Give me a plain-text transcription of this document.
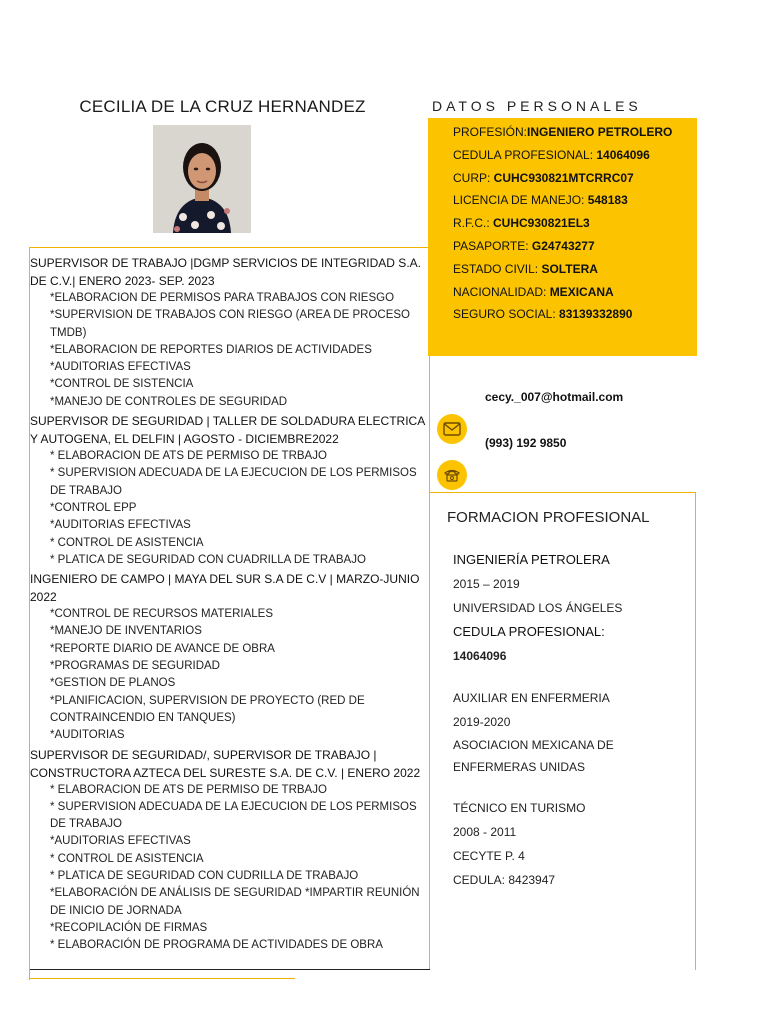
CECILIA DE LA CRUZ HERNANDEZ
SUPERVISOR DE TRABAJO |DGMP SERVICIOS DE INTEGRIDAD S.A. DE C.V.| ENERO 2023- SEP. 2023

*ELABORACION DE PERMISOS PARA TRABAJOS CON RIESGO

*SUPERVISION DE TRABAJOS CON RIESGO (AREA DE PROCESO TMDB)

*ELABORACION DE REPORTES DIARIOS DE ACTIVIDADES

*AUDITORIAS EFECTIVAS

*CONTROL DE SISTENCIA

*MANEJO DE CONTROLES DE SEGURIDAD

SUPERVISOR DE SEGURIDAD | TALLER DE SOLDADURA ELECTRICA Y AUTOGENA, EL DELFIN | AGOSTO - DICIEMBRE2022

* ELABORACION DE ATS DE PERMISO DE TRBAJO

* SUPERVISION ADECUADA DE LA EJECUCION DE LOS PERMISOS DE TRABAJO

*CONTROL EPP

*AUDITORIAS EFECTIVAS

* CONTROL DE ASISTENCIA

* PLATICA DE SEGURIDAD CON CUADRILLA DE TRABAJO

INGENIERO DE CAMPO | MAYA DEL SUR S.A DE C.V | MARZO-JUNIO 2022

*CONTROL DE RECURSOS MATERIALES

*MANEJO DE INVENTARIOS

*REPORTE DIARIO DE AVANCE DE OBRA

*PROGRAMAS DE SEGURIDAD

*GESTION DE PLANOS

*PLANIFICACION, SUPERVISION DE PROYECTO (RED DE CONTRAINCENDIO EN TANQUES)

*AUDITORIAS

SUPERVISOR DE SEGURIDAD/, SUPERVISOR DE TRABAJO | CONSTRUCTORA AZTECA DEL SURESTE S.A. DE C.V. | ENERO 2022

* ELABORACION DE ATS DE PERMISO DE TRBAJO

* SUPERVISION ADECUADA DE LA EJECUCION DE LOS PERMISOS DE TRABAJO

*AUDITORIAS EFECTIVAS

* CONTROL DE ASISTENCIA

* PLATICA DE SEGURIDAD CON CUDRILLA DE TRABAJO

*ELABORACIÓN DE ANÁLISIS DE SEGURIDAD *IMPARTIR REUNIÓN DE INICIO DE JORNADA

*RECOPILACIÓN DE FIRMAS

* ELABORACIÓN DE PROGRAMA DE ACTIVIDADES DE OBRA

DATOS PERSONALES

PROFESIÓN:INGENIERO PETROLERO

CEDULA PROFESIONAL: 14064096

CURP: CUHC930821MTCRRC07

LICENCIA DE MANEJO: 548183

R.F.C.: CUHC930821EL3

PASAPORTE: G24743277

ESTADO CIVIL: SOLTERA

NACIONALIDAD: MEXICANA

SEGURO SOCIAL: 83139332890

cecy._007@hotmail.com
(993) 192 9850
FORMACION PROFESIONAL

INGENIERÍA PETROLERA

2015 – 2019

UNIVERSIDAD LOS ÁNGELES

CEDULA PROFESIONAL:

14064096

AUXILIAR EN ENFERMERIA

2019-2020

ASOCIACION MEXICANA DE

ENFERMERAS UNIDAS

TÉCNICO EN TURISMO

2008 - 2011

CECYTE P. 4

CEDULA: 8423947
